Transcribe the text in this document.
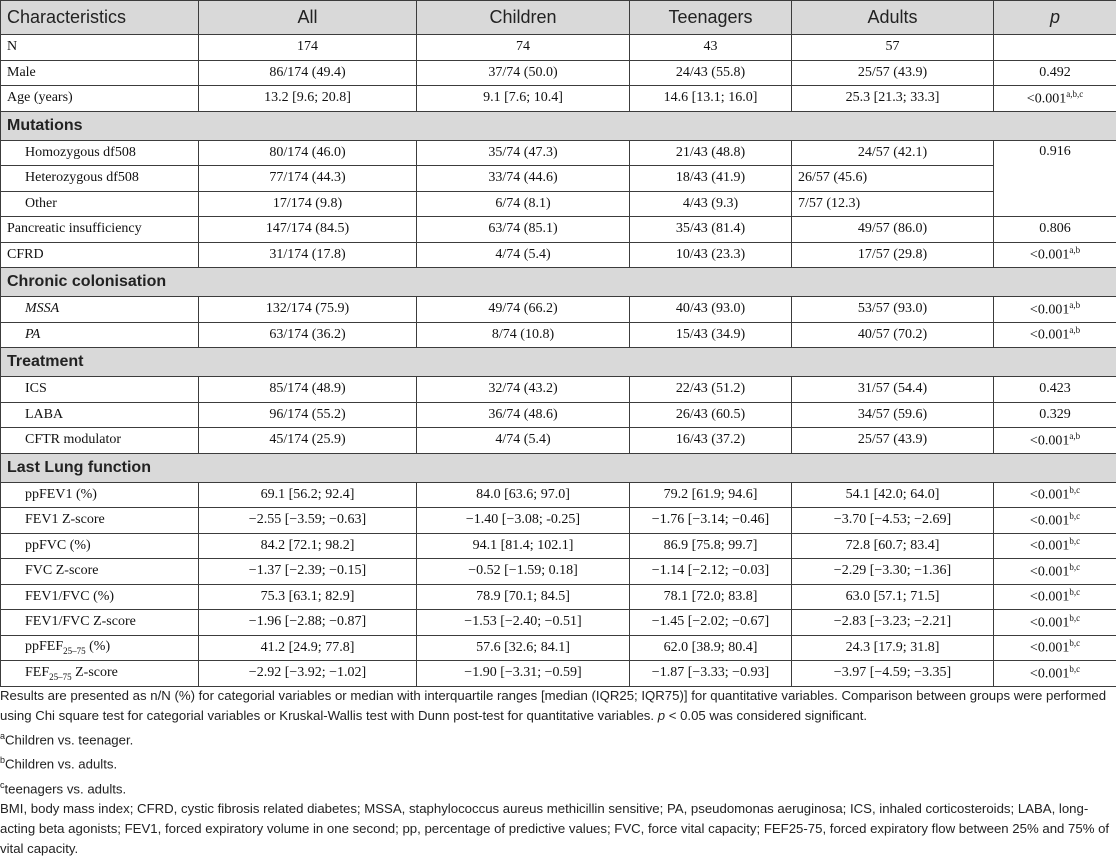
Characteristics	All	Children	Teenagers	Adults	p
N	174	74	43	57	
Male	86/174 (49.4)	37/74 (50.0)	24/43 (55.8)	25/57 (43.9)	0.492
Age (years)	13.2 [9.6; 20.8]	9.1 [7.6; 10.4]	14.6 [13.1; 16.0]	25.3 [21.3; 33.3]	$<0.001^{a,b,c}$
Mutations					
Homozygous df508	80/174 (46.0)	35/74 (47.3)	21/43 (48.8)	24/57 (42.1)	0.916
Heterozygous df508	77/174 (44.3)	33/74 (44.6)	18/43 (41.9)	26/57 (45.6)	
Other	17/174 (9.8)	6/74 (8.1)	4/43 (9.3)	7/57 (12.3)	
Pancreatic insufficiency	147/174 (84.5)	63/74 (85.1)	35/43 (81.4)	49/57 (86.0)	0.806
CFRD	31/174 (17.8)	4/74 (5.4)	10/43 (23.3)	17/57 (29.8)	$<0.001^{a,b}$
Chronic colonisation					
MSSA	132/174 (75.9)	49/74 (66.2)	40/43 (93.0)	53/57 (93.0)	$<0.001^{a,b}$
PA	63/174 (36.2)	8/74 (10.8)	15/43 (34.9)	40/57 (70.2)	$<0.001^{a,b}$
Treatment					
ICS	85/174 (48.9)	32/74 (43.2)	22/43 (51.2)	31/57 (54.4)	0.423
LABA	96/174 (55.2)	36/74 (48.6)	26/43 (60.5)	34/57 (59.6)	0.329
CFTR modulator	45/174 (25.9)	4/74 (5.4)	16/43 (37.2)	25/57 (43.9)	$<0.001^{a,b}$
Last Lung function					
ppFEV1 (%)	69.1 [56.2; 92.4]	84.0 [63.6; 97.0]	79.2 [61.9; 94.6]	54.1 [42.0; 64.0]	$<0.001^{b,c}$
FEV1 Z-score	−2.55 [−3.59; −0.63]	−1.40 [−3.08; -0.25]	−1.76 [−3.14; −0.46]	−3.70 [−4.53; −2.69]	$<0.001^{b,c}$
ppFVC (%)	84.2 [72.1; 98.2]	94.1 [81.4; 102.1]	86.9 [75.8; 99.7]	72.8 [60.7; 83.4]	$<0.001^{b,c}$
FVC Z-score	−1.37 [−2.39; −0.15]	−0.52 [−1.59; 0.18]	−1.14 [−2.12; −0.03]	−2.29 [−3.30; −1.36]	$<0.001^{b,c}$
FEV1/FVC (%)	75.3 [63.1; 82.9]	78.9 [70.1; 84.5]	78.1 [72.0; 83.8]	63.0 [57.1; 71.5]	$<0.001^{b,c}$
FEV1/FVC Z-score	−1.96 [−2.88; −0.87]	−1.53 [−2.40; −0.51]	−1.45 [−2.02; −0.67]	−2.83 [−3.23; −2.21]	$<0.001^{b,c}$
ppFEF$_{25-75}$ (%)	41.2 [24.9; 77.8]	57.6 [32.6; 84.1]	62.0 [38.9; 80.4]	24.3 [17.9; 31.8]	$<0.001^{b,c}$
$FEF_{25-75}$ Z-score	−2.92 [−3.92; −1.02]	−1.90 [−3.31; −0.59]	−1.87 [−3.33; −0.93]	−3.97 [−4.59; −3.35]	$<0.001^{b,c}$

Results are presented as n/N (%) for categorial variables or median with interquartile ranges [median (IQR25; IQR75)] for quantitative variables. Comparison between groups were performed using Chi square test for categorial variables or Kruskal-Wallis test with Dunn post-test for quantitative variables. p < 0.05 was considered significant.

$^a$Children vs. teenager.

$^b$Children vs. adults.

$^c$teenagers vs. adults.

BMI, body mass index; CFRD, cystic fibrosis related diabetes; MSSA, staphylococcus aureus methicillin sensitive; PA, pseudomonas aeruginosa; ICS, inhaled corticosteroids; LABA, long-acting beta agonists; FEV1, forced expiratory volume in one second; pp, percentage of predictive values; FVC, force vital capacity; FEF25-75, forced expiratory flow between 25% and 75% of vital capacity.
